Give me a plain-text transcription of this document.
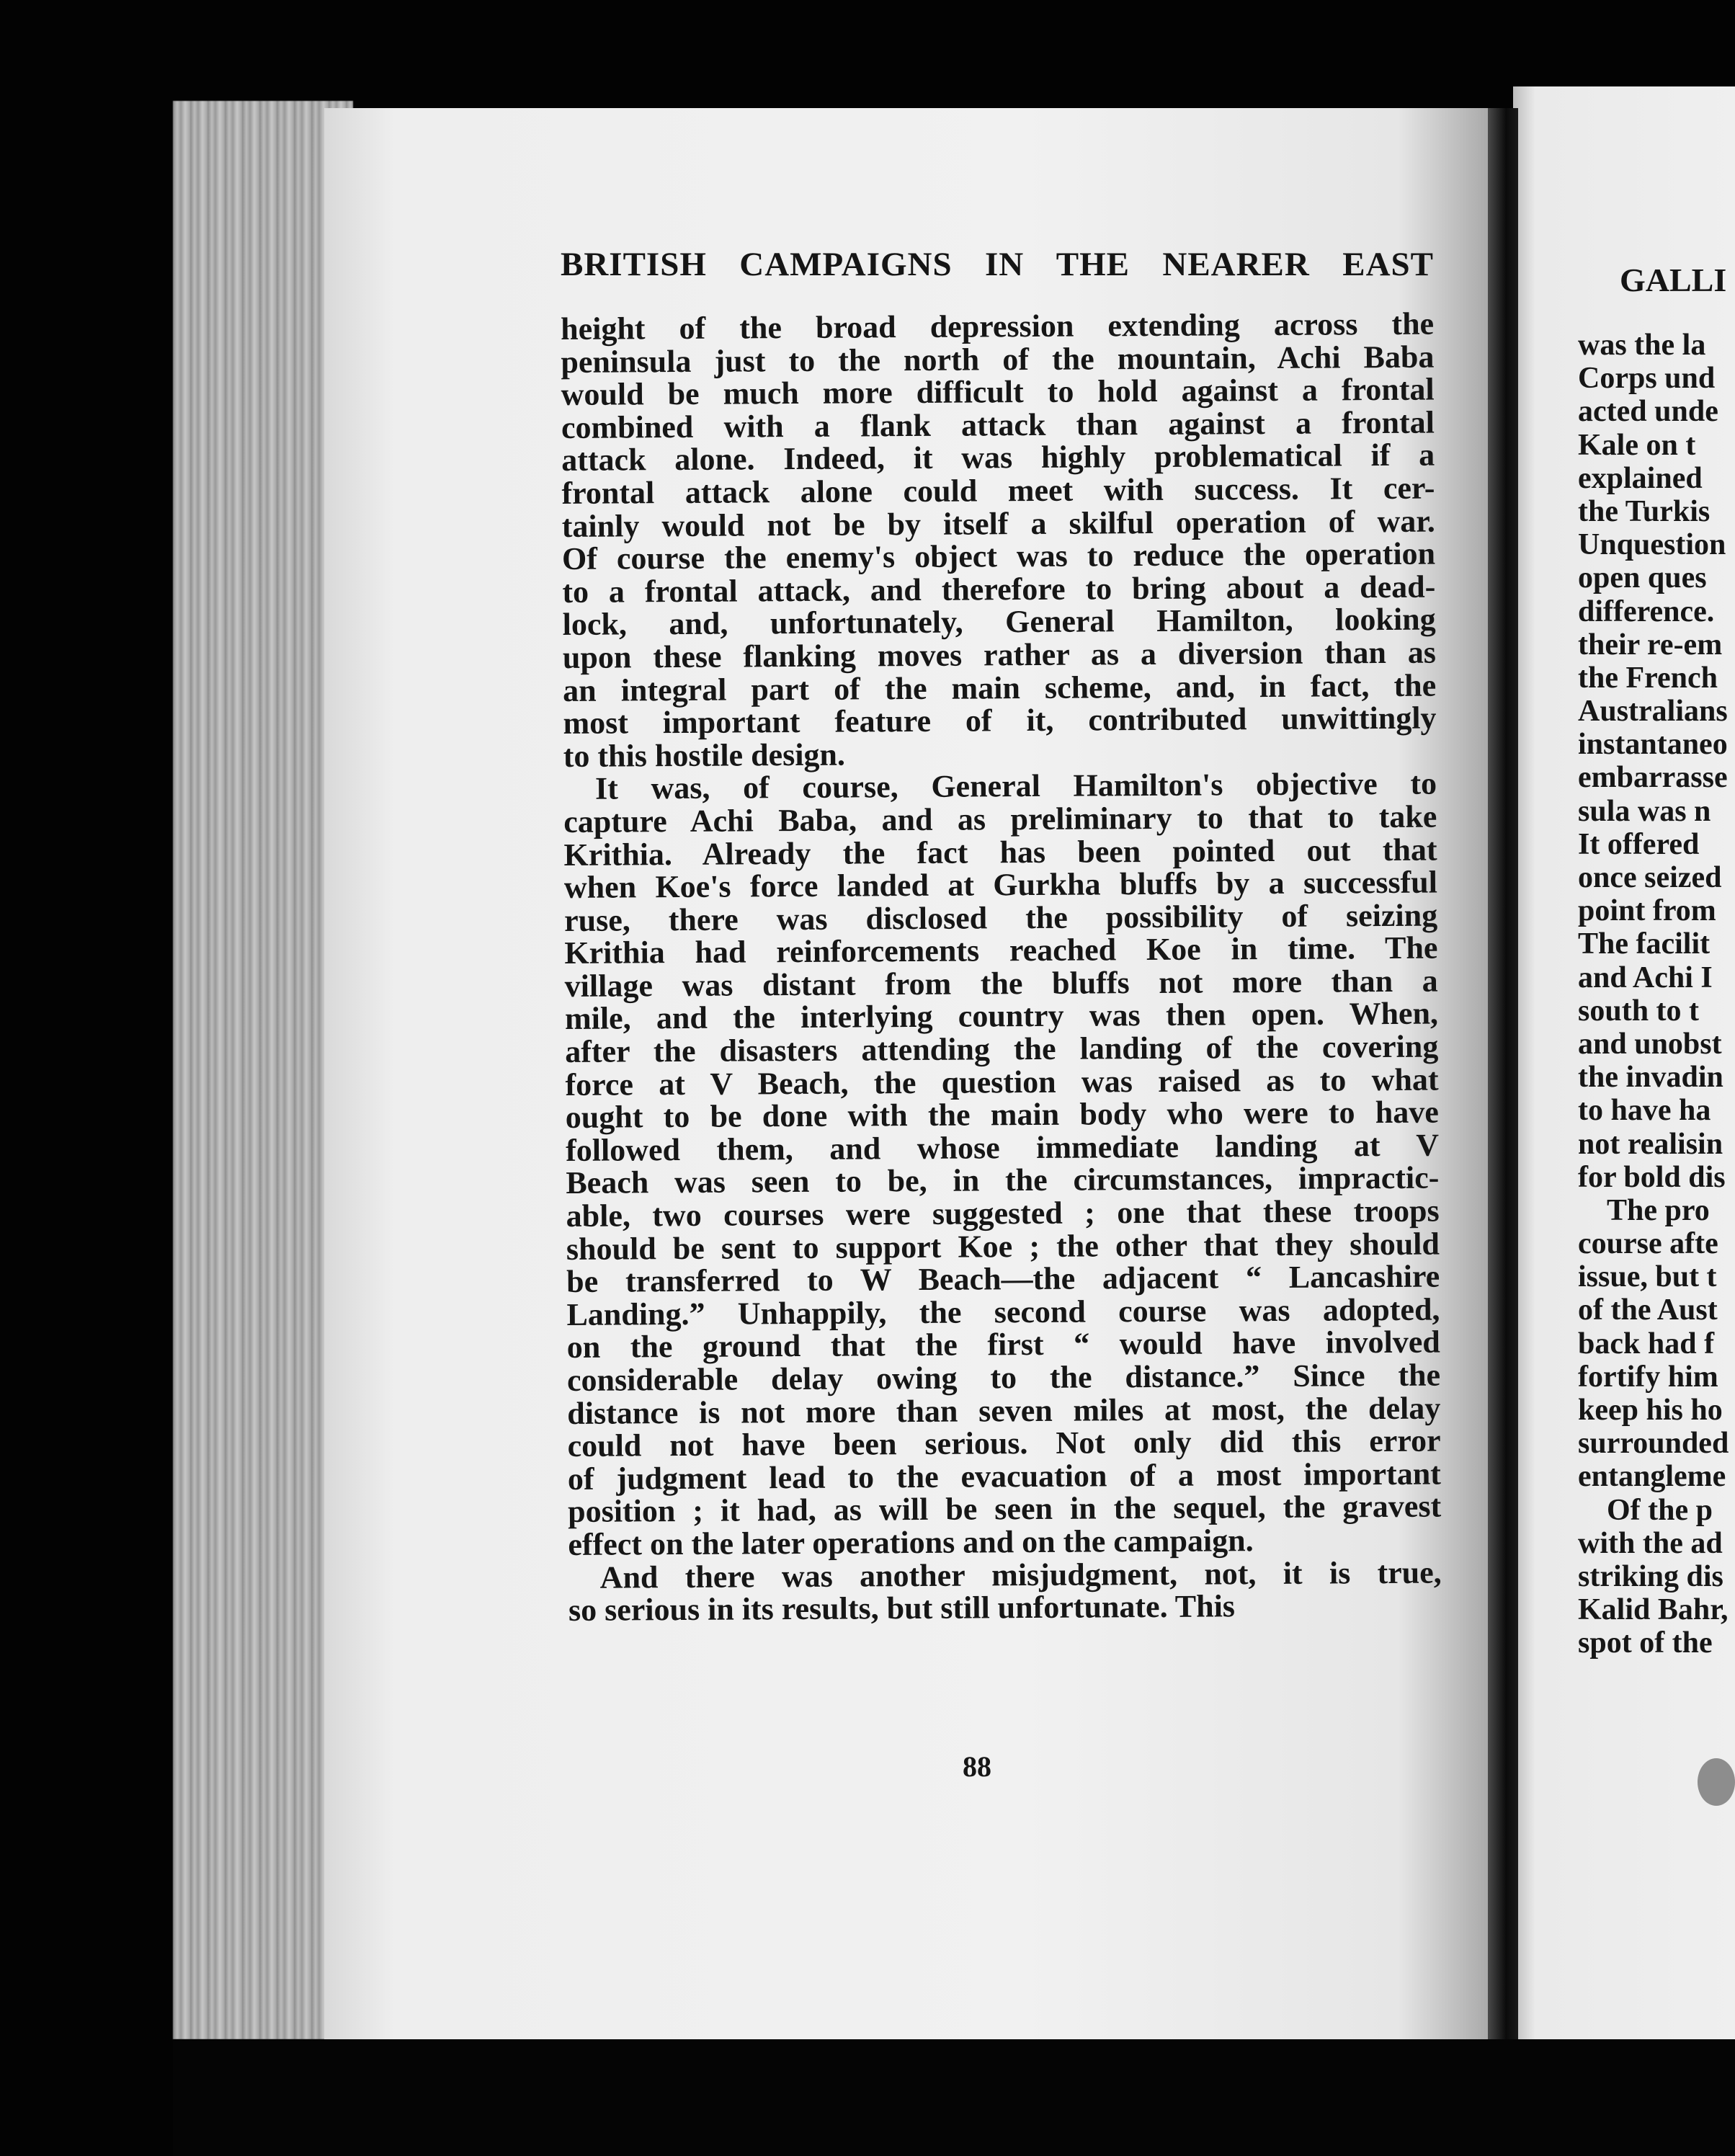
BRITISH CAMPAIGNS IN THE NEARER EAST

height of the broad depression extending across the
peninsula just to the north of the mountain, Achi Baba
would be much more difficult to hold against a frontal
combined with a flank attack than against a frontal
attack alone. Indeed, it was highly problematical if a
frontal attack alone could meet with success. It cer-
tainly would not be by itself a skilful operation of war.
Of course the enemy's object was to reduce the operation
to a frontal attack, and therefore to bring about a dead-
lock, and, unfortunately, General Hamilton, looking
upon these flanking moves rather as a diversion than as
an integral part of the main scheme, and, in fact, the
most important feature of it, contributed unwittingly
to this hostile design.

It was, of course, General Hamilton's objective to
capture Achi Baba, and as preliminary to that to take
Krithia. Already the fact has been pointed out that
when Koe's force landed at Gurkha bluffs by a successful
ruse, there was disclosed the possibility of seizing
Krithia had reinforcements reached Koe in time. The
village was distant from the bluffs not more than a
mile, and the interlying country was then open. When,
after the disasters attending the landing of the covering
force at V Beach, the question was raised as to what
ought to be done with the main body who were to have
followed them, and whose immediate landing at V
Beach was seen to be, in the circumstances, impractic-
able, two courses were suggested ; one that these troops
should be sent to support Koe ; the other that they should
be transferred to W Beach—the adjacent “ Lancashire
Landing.” Unhappily, the second course was adopted,
on the ground that the first “ would have involved
considerable delay owing to the distance.” Since the
distance is not more than seven miles at most, the delay
could not have been serious. Not only did this error
of judgment lead to the evacuation of a most important
position ; it had, as will be seen in the sequel, the gravest
effect on the later operations and on the campaign.

And there was another misjudgment, not, it is true,
so serious in its results, but still unfortunate. This

88
GALLI
was the la
Corps und
acted unde
Kale on t
explained
the Turkis
Unquestion
open ques
difference.
their re-em
the French
Australians
instantaneo
embarrasse
sula was n
It offered
once seized
point from
The facilit
and Achi I
south to t
and unobst
the invadin
to have ha
not realisin
for bold dis
The pro
course afte
issue, but t
of the Aust
back had f
fortify him
keep his ho
surrounded
entangleme
Of the p
with the ad
striking dis
Kalid Bahr,
spot of the
